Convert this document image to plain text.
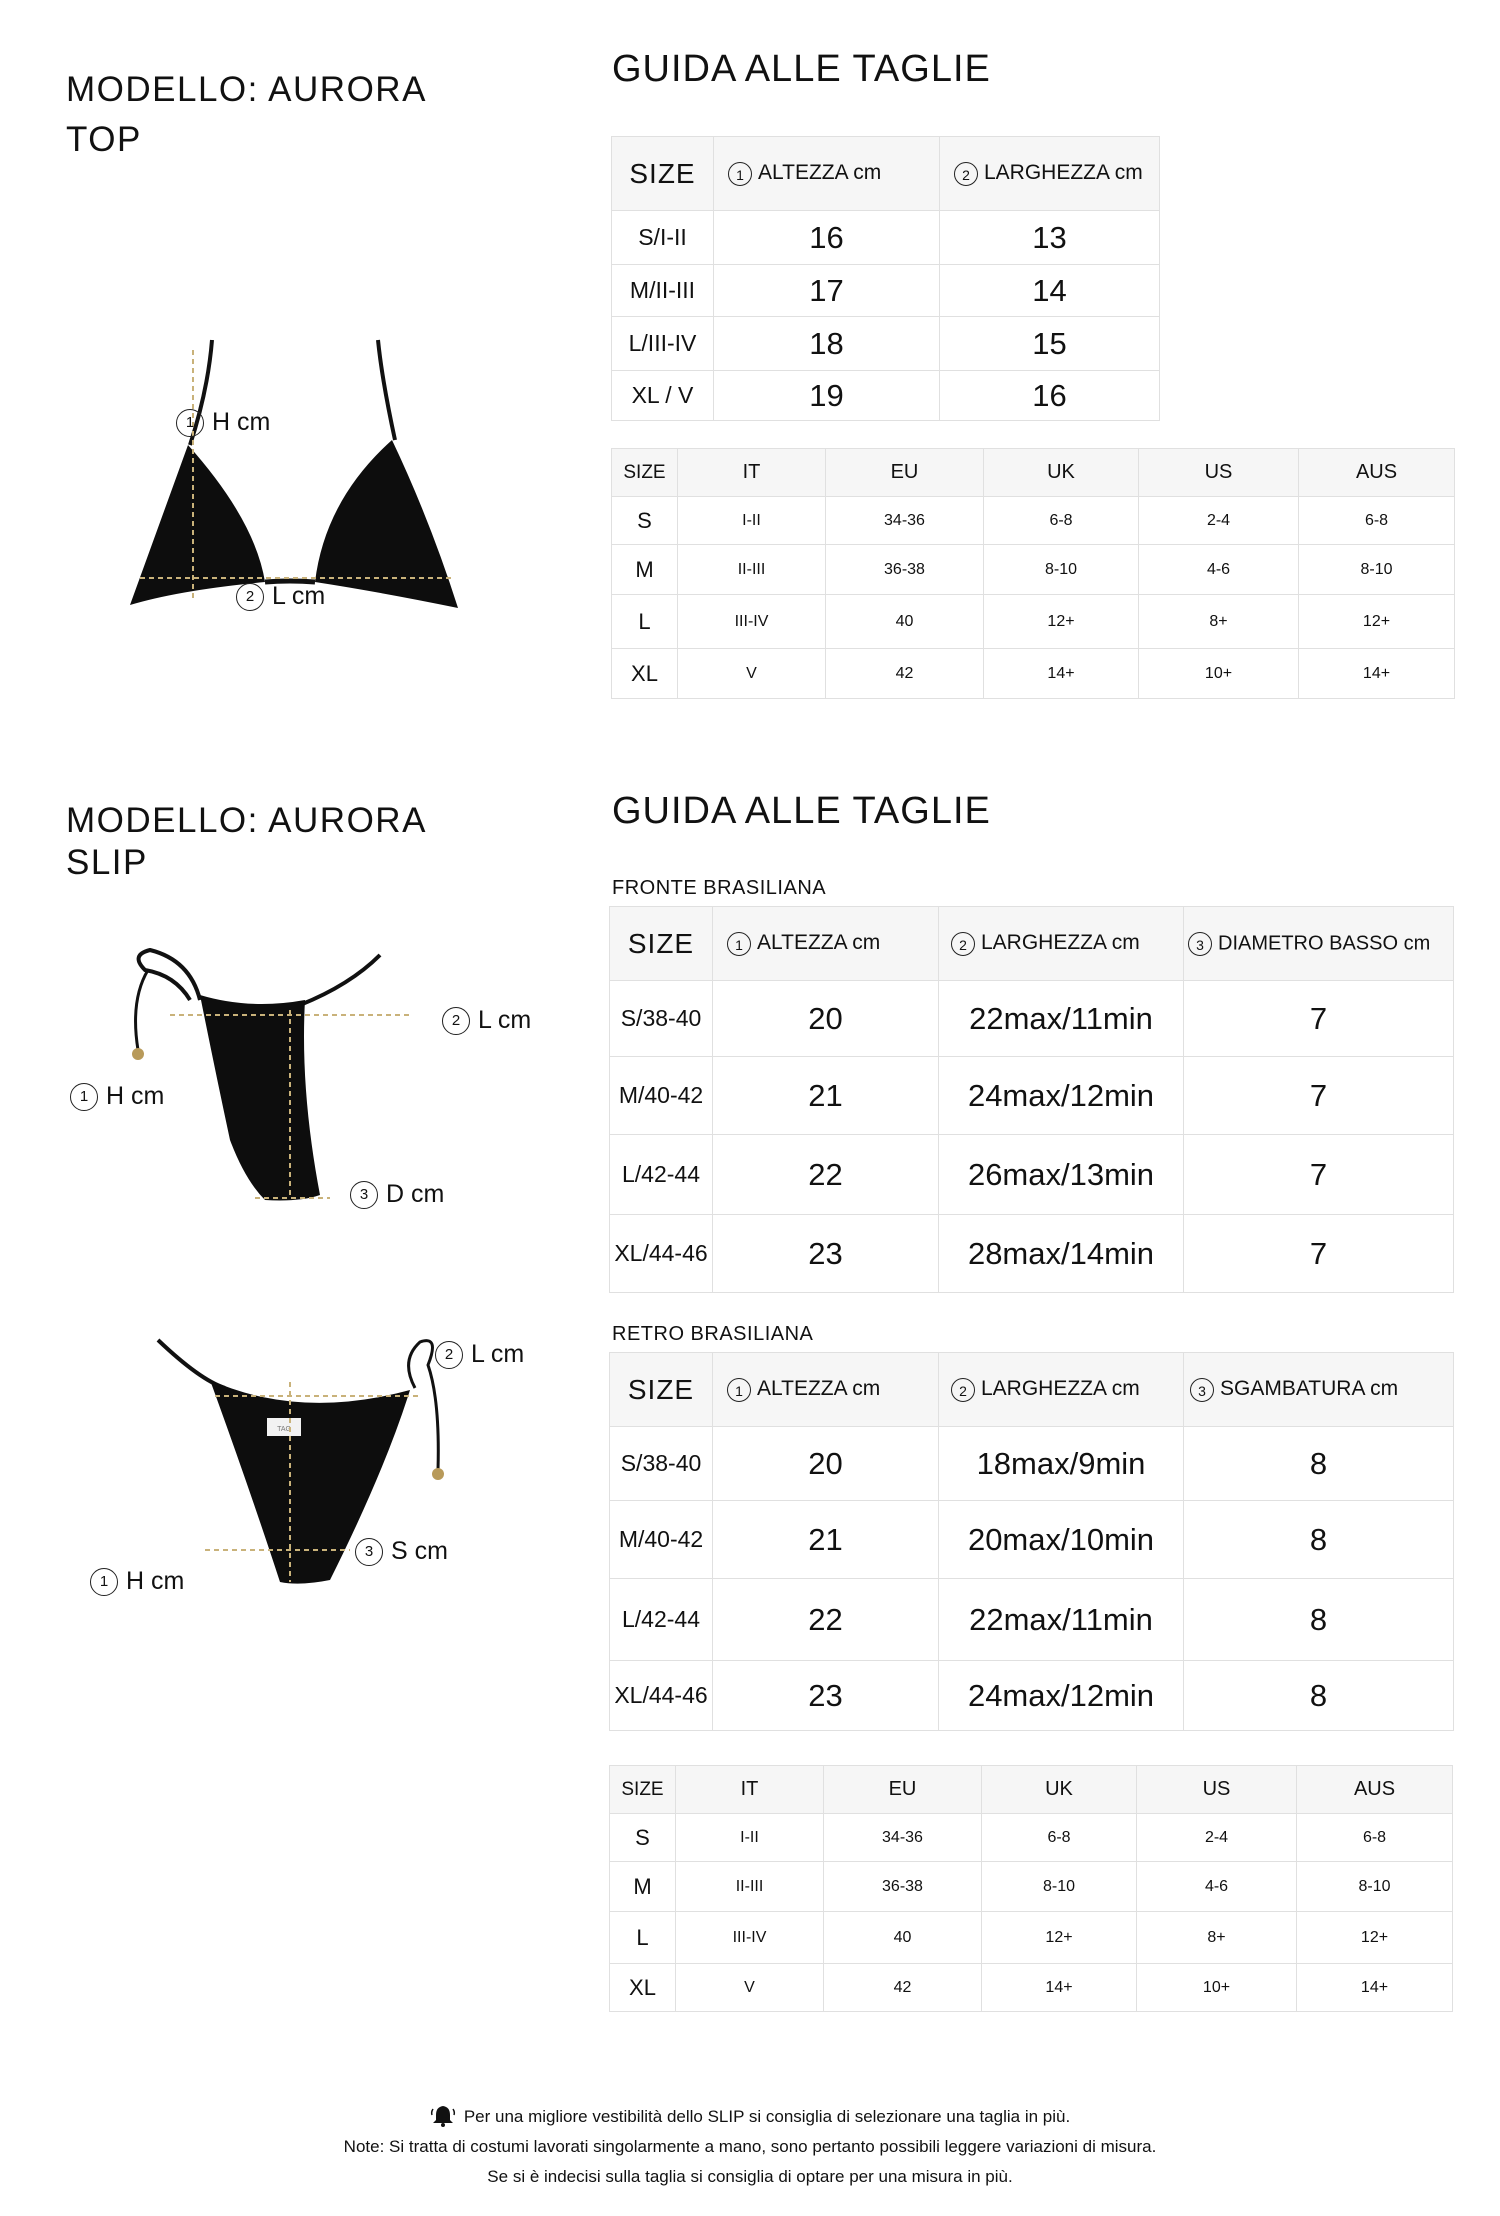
MODELLO: AURORA
TOP
GUIDA ALLE TAGLIE
1 H cm
2 L cm
SIZE	1 ALTEZZA cm	2 LARGHEZZA cm
S/I-II	16	13
M/II-III	17	14
L/III-IV	18	15
XL / V	19	16
SIZE	IT	EU	UK	US	AUS
S	I-II	34-36	6-8	2-4	6-8
M	II-III	36-38	8-10	4-6	8-10
L	III-IV	40	12+	8+	12+
XL	V	42	14+	10+	14+
MODELLO: AURORA
SLIP
GUIDA ALLE TAGLIE
2 L cm
1 H cm
3 D cm
TAG
2 L cm
3 S cm
1 H cm
FRONTE BRASILIANA
SIZE	1 ALTEZZA cm	2 LARGHEZZA cm	3 DIAMETRO BASSO cm
S/38-40	20	22max/11min	7
M/40-42	21	24max/12min	7
L/42-44	22	26max/13min	7
XL/44-46	23	28max/14min	7
RETRO BRASILIANA
SIZE	1 ALTEZZA cm	2 LARGHEZZA cm	3 SGAMBATURA cm
S/38-40	20	18max/9min	8
M/40-42	21	20max/10min	8
L/42-44	22	22max/11min	8
XL/44-46	23	24max/12min	8
SIZE	IT	EU	UK	US	AUS
S	I-II	34-36	6-8	2-4	6-8
M	II-III	36-38	8-10	4-6	8-10
L	III-IV	40	12+	8+	12+
XL	V	42	14+	10+	14+
Per una migliore vestibilità dello SLIP si consiglia di selezionare una taglia in più.
Note: Si tratta di costumi lavorati singolarmente a mano, sono pertanto possibili leggere variazioni di misura.
Se si è indecisi sulla taglia si consiglia di optare per una misura in più.
